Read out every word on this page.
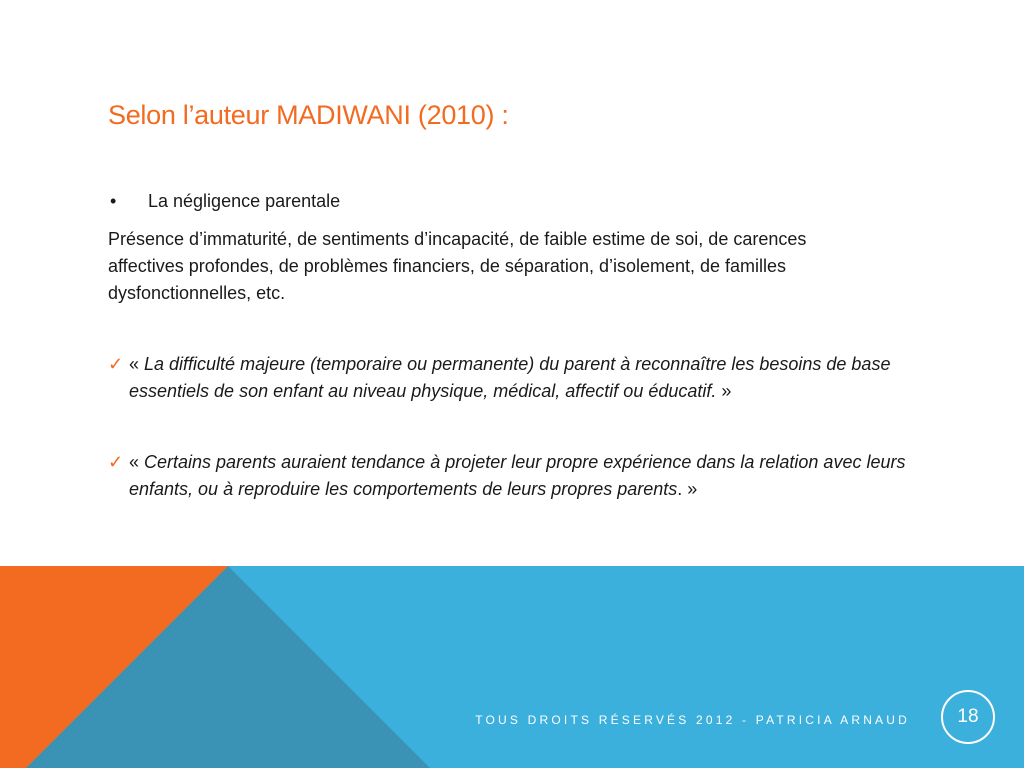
Selon l’auteur MADIWANI (2010) :
• La négligence parentale
Présence d’immaturité, de sentiments d’incapacité, de faible estime de soi, de carences affectives profondes, de problèmes financiers, de séparation, d’isolement, de familles dysfonctionnelles, etc.
✓ « La difficulté majeure (temporaire ou permanente) du parent à reconnaître les besoins de base essentiels de son enfant au niveau physique, médical, affectif ou éducatif. »
✓ « Certains parents auraient tendance à projeter leur propre expérience dans la relation avec leurs enfants, ou à reproduire les comportements de leurs propres parents. »
TOUS DROITS RÉSERVÉS 2012 - PATRICIA ARNAUD	18
